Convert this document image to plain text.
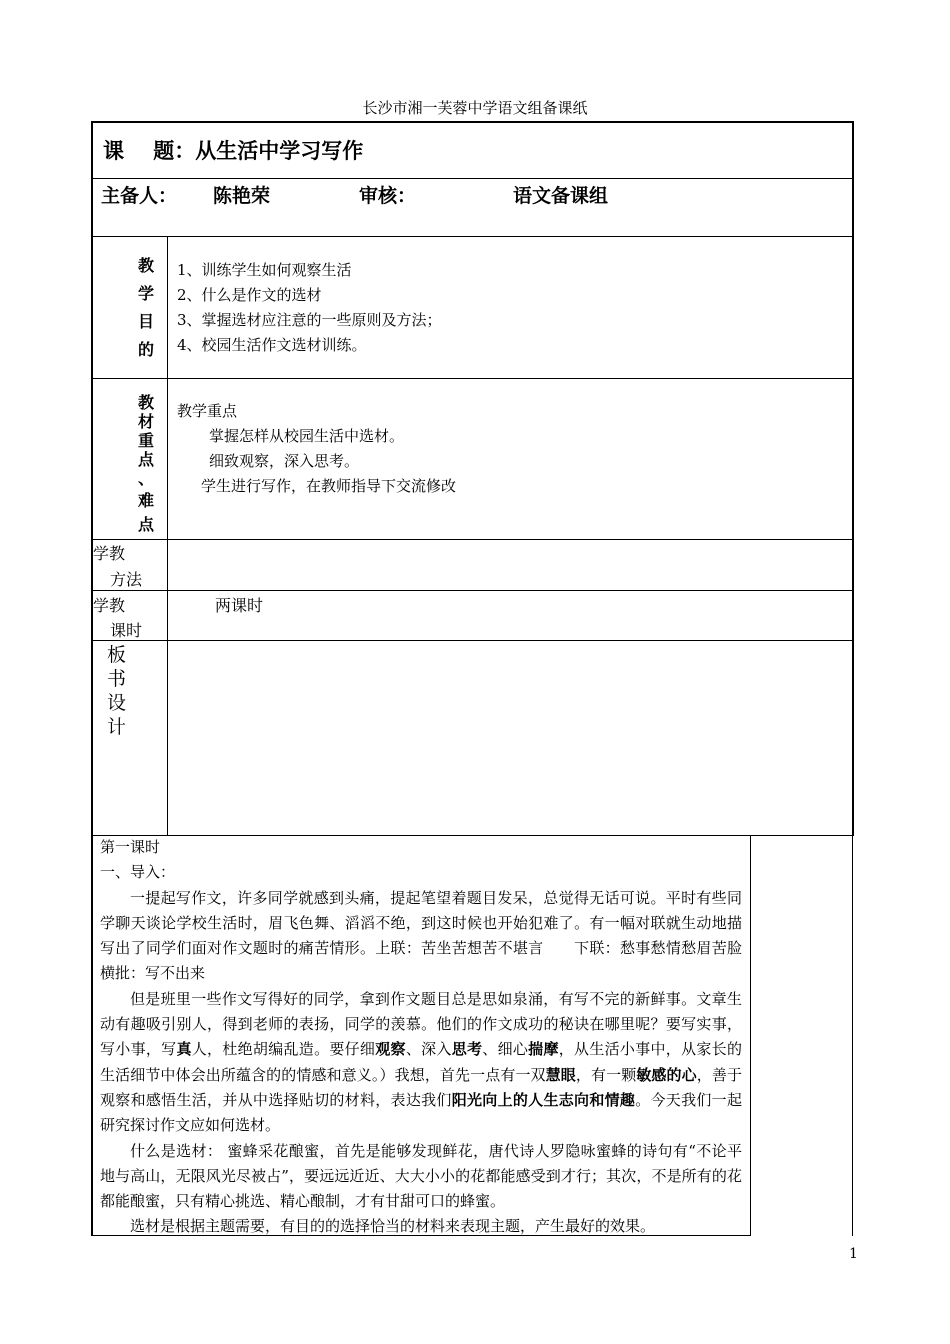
长沙市湘一芙蓉中学语文组备课纸
课    题：从生活中学习写作
主备人： 陈艳荣	审核：	语文备课组
教
学
目
的
1、训练学生如何观察生活
2、什么是作文的选材
3、掌握选材应注意的一些原则及方法；
4、校园生活作文选材训练。
教
材
重
点
、
难
点
教学重点
掌握怎样从校园生活中选材。
细致观察，深入思考。
学生进行写作，在教师指导下交流修改
学教
方法
学教
课时
两课时
板
书
设
计

第一课时

一、导入：

一提起写作文，许多同学就感到头痛，提起笔望着题目发呆，总觉得无话可说。平时有些同学聊天谈论学校生活时，眉飞色舞、滔滔不绝，到这时候也开始犯难了。有一幅对联就生动地描写出了同学们面对作文题时的痛苦情形。上联：苦坐苦想苦不堪言　　下联：愁事愁情愁眉苦脸 横批：写不出来

但是班里一些作文写得好的同学，拿到作文题目总是思如泉涌，有写不完的新鲜事。文章生动有趣吸引别人，得到老师的表扬，同学的羡慕。他们的作文成功的秘诀在哪里呢？要写实事，写小事，写真人，杜绝胡编乱造。要仔细观察、深入思考、细心揣摩，从生活小事中，从家长的生活细节中体会出所蕴含的的情感和意义。）我想，首先一点有一双慧眼，有一颗敏感的心，善于观察和感悟生活，并从中选择贴切的材料，表达我们阳光向上的人生志向和情趣。今天我们一起研究探讨作文应如何选材。

什么是选材： 蜜蜂采花酿蜜，首先是能够发现鲜花，唐代诗人罗隐咏蜜蜂的诗句有“不论平地与高山，无限风光尽被占”，要远远近近、大大小小的花都能感受到才行；其次，不是所有的花都能酿蜜，只有精心挑选、精心酿制，才有甘甜可口的蜂蜜。

选材是根据主题需要，有目的的选择恰当的材料来表现主题，产生最好的效果。

1
